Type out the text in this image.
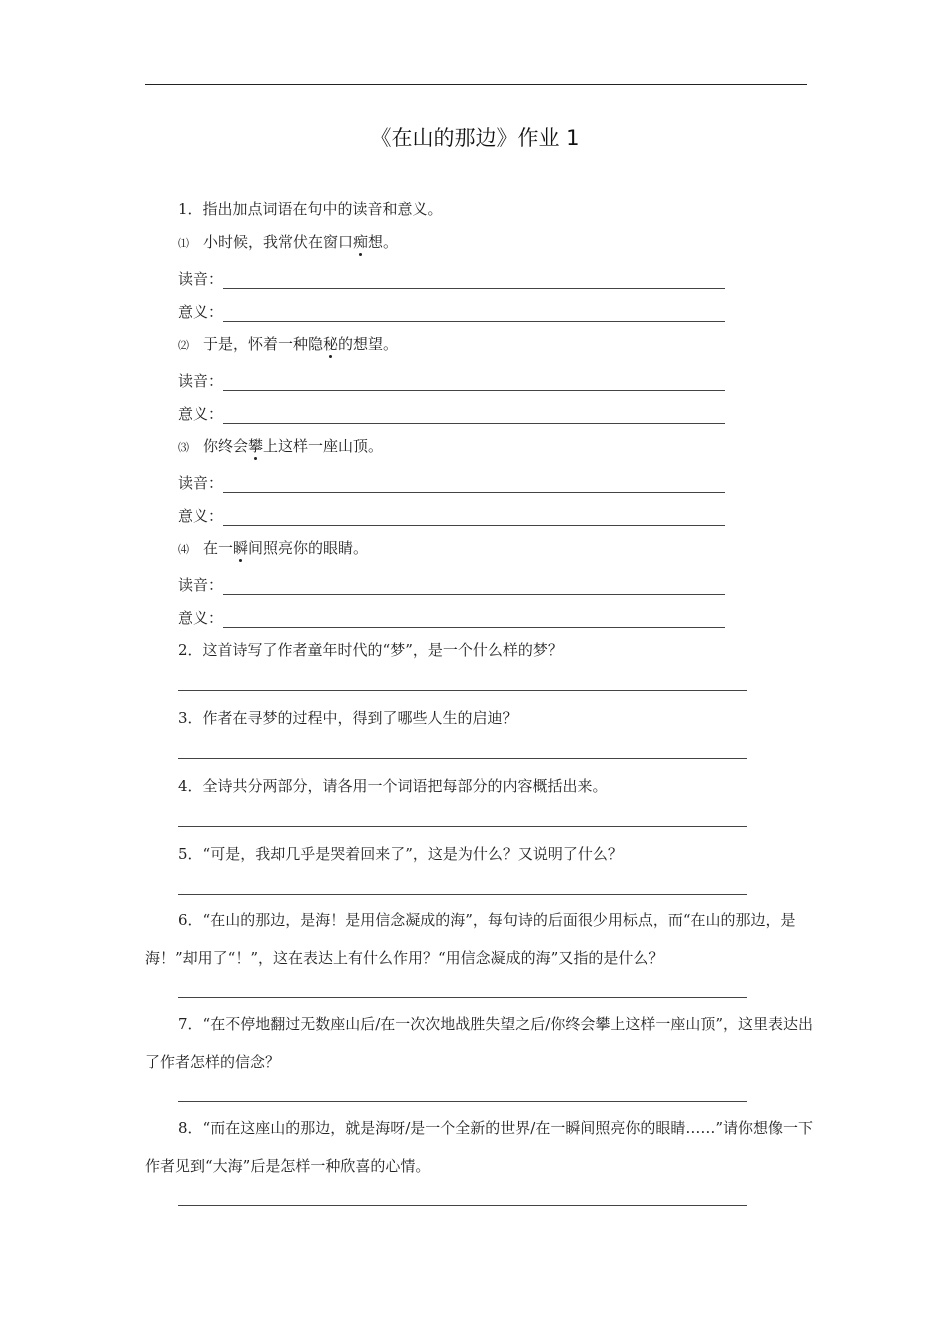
《在山的那边》作业 1
1．指出加点词语在句中的读音和意义。
⑴ 小时候，我常伏在窗口痴想。
读音：
意义：
⑵ 于是，怀着一种隐秘的想望。
读音：
意义：
⑶ 你终会攀上这样一座山顶。
读音：
意义：
⑷ 在一瞬间照亮你的眼睛。
读音：
意义：
2．这首诗写了作者童年时代的“梦”，是一个什么样的梦？
3．作者在寻梦的过程中，得到了哪些人生的启迪？
4．全诗共分两部分，请各用一个词语把每部分的内容概括出来。
5．“可是，我却几乎是哭着回来了”，这是为什么？又说明了什么？
6．“在山的那边，是海！是用信念凝成的海”，每句诗的后面很少用标点，而“在山的那边，是海！”却用了“！”，这在表达上有什么作用？“用信念凝成的海”又指的是什么？
7．“在不停地翻过无数座山后/在一次次地战胜失望之后/你终会攀上这样一座山顶”，这里表达出了作者怎样的信念？
8．“而在这座山的那边，就是海呀/是一个全新的世界/在一瞬间照亮你的眼睛……”请你想像一下作者见到“大海”后是怎样一种欣喜的心情。
